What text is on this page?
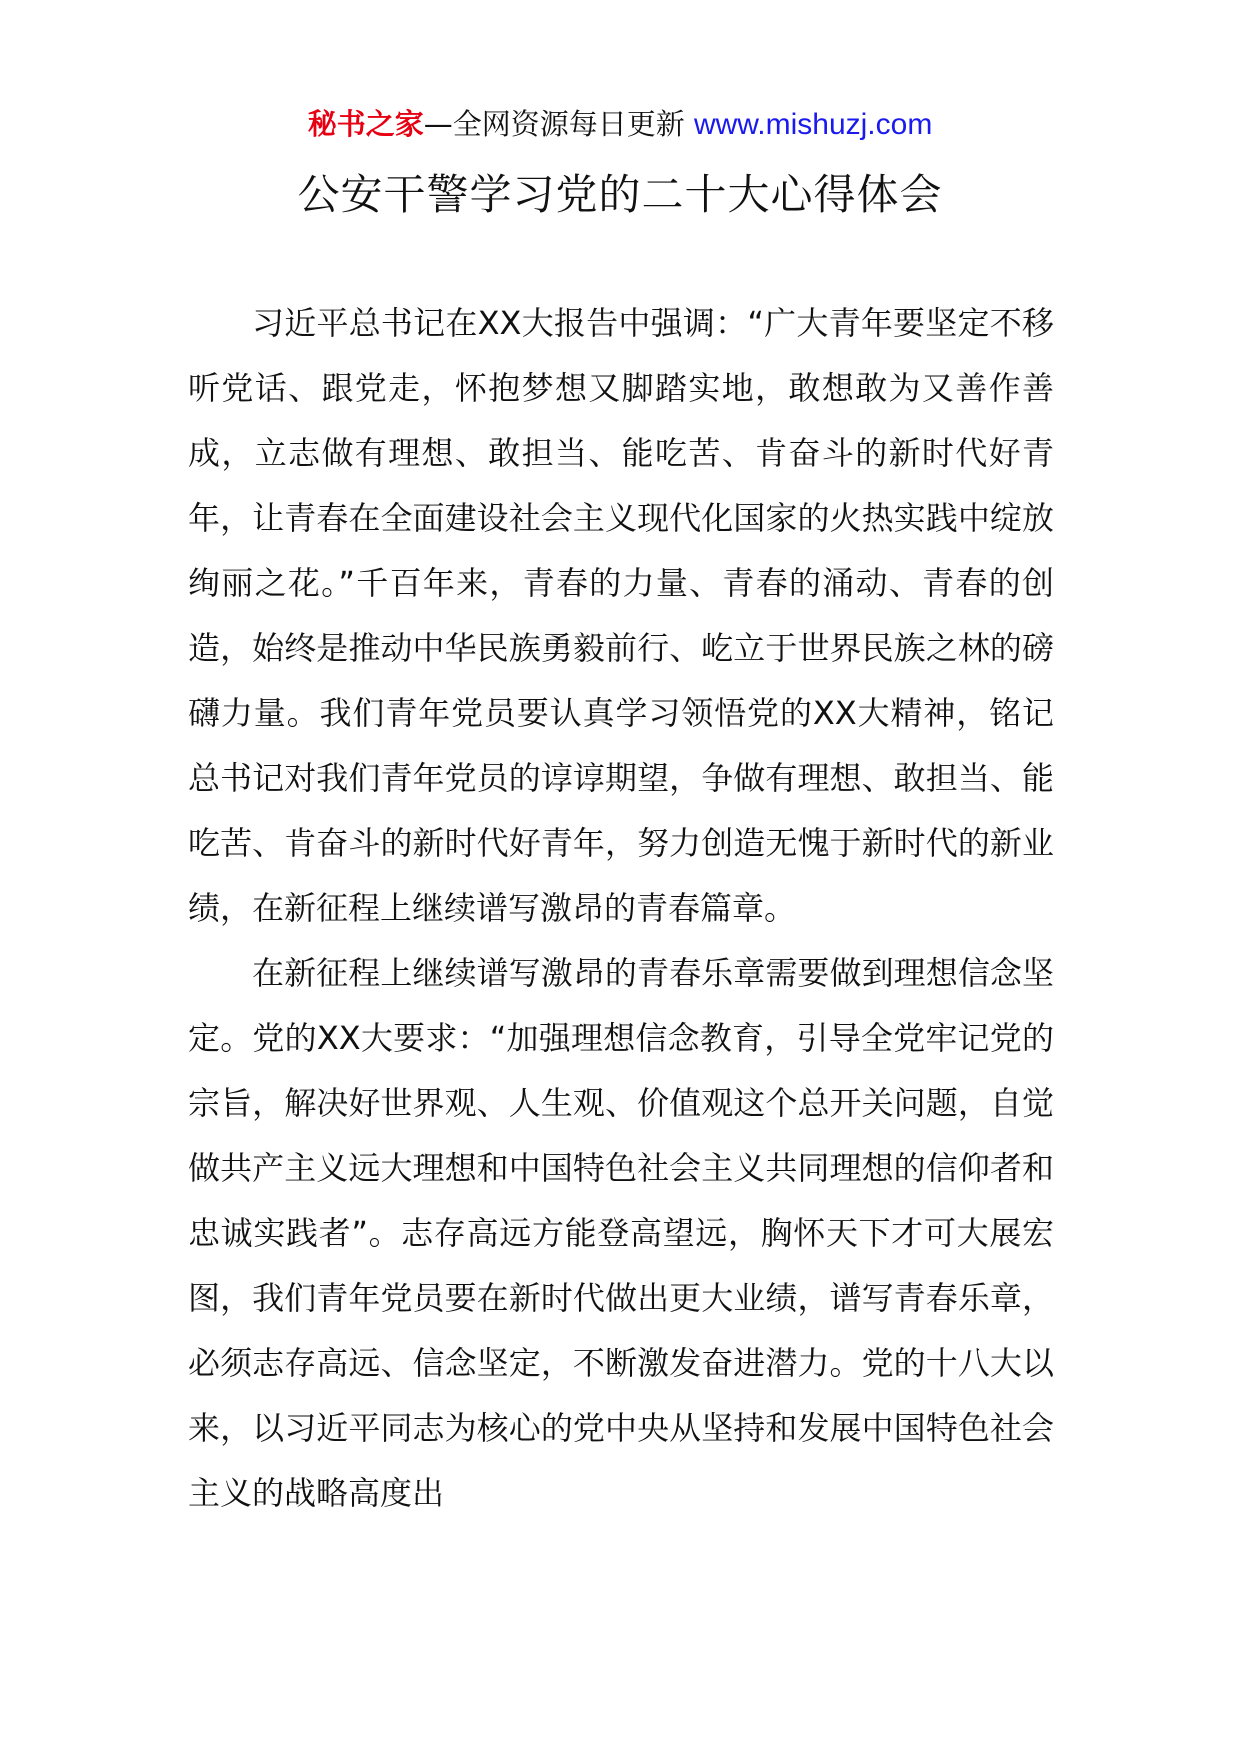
秘书之家—全网资源每日更新 www.mishuzj.com
公安干警学习党的二十大心得体会

习近平总书记在XX大报告中强调：“广大青年要坚定不移听党话、跟党走，怀抱梦想又脚踏实地，敢想敢为又善作善成，立志做有理想、敢担当、能吃苦、肯奋斗的新时代好青年，让青春在全面建设社会主义现代化国家的火热实践中绽放绚丽之花。”千百年来，青春的力量、青春的涌动、青春的创造，始终是推动中华民族勇毅前行、屹立于世界民族之林的磅礴力量。我们青年党员要认真学习领悟党的XX大精神，铭记总书记对我们青年党员的谆谆期望，争做有理想、敢担当、能吃苦、肯奋斗的新时代好青年，努力创造无愧于新时代的新业绩，在新征程上继续谱写激昂的青春篇章。

在新征程上继续谱写激昂的青春乐章需要做到理想信念坚定。党的XX大要求：“加强理想信念教育，引导全党牢记党的宗旨，解决好世界观、人生观、价值观这个总开关问题，自觉做共产主义远大理想和中国特色社会主义共同理想的信仰者和忠诚实践者”。志存高远方能登高望远，胸怀天下才可大展宏图，我们青年党员要在新时代做出更大业绩，谱写青春乐章，必须志存高远、信念坚定，不断激发奋进潜力。党的十八大以来，以习近平同志为核心的党中央从坚持和发展中国特色社会主义的战略高度出
